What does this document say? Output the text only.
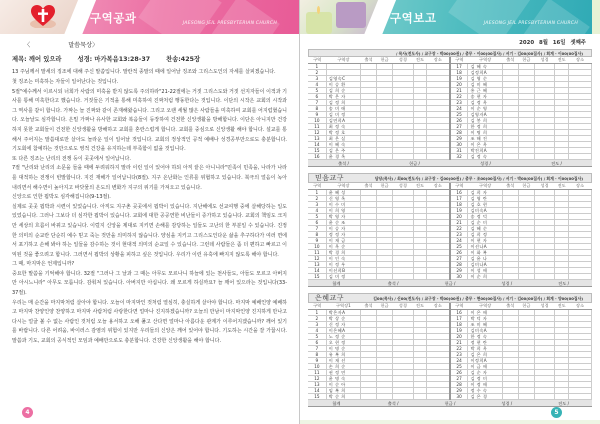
구역공과	JAESONG JEIL PRESBYTERIAN CHURCH
〈	말씀묵상〉
제목: 깨어 있으라	성경: 마가복음13:28-37	찬송:425장

13 주님께서 말세의 징조에 대해 주신 말씀입니다. 말란적 종말의 때에 일어날 징조와 그리스도인의 자세를 살피겠습니다.

첫 징조는 미혹하는 자들이 일어난다는 것입니다.

5절"예수께서 이르시되 너희가 사람의 미혹을 받지 않도록 주의하라"21-22절에는 거짓 그리스도와 거짓 선지자들이 이적과 기사를 통해 미혹한다고 했습니다. 거짓들은 기적을 통해 미혹하여 진짜처럼 행동한다는 것입니다. 이단의 시작은 교회의 시작과 그 역사를 같이 합니다. 가짜는 늘 진짜와 같이 존재해왔습니다. 그리고 오랜 세월 많은 사람들을 미혹하여 교회를 어지럽혔습니다. 오늘날도 심각합니다. 은밀 가짜나 유사한 교회와 복음들이 등장하여 건전한 신앙생활을 방해합니다. 이단은 아니지만 건강하지 못한 교회들이 건전한 신앙생활을 방해하고 교회를 혼란스럽게 합니다. 교회를 중심으로 신앙생활 해야 합니다. 설교를 통해서 주어지는 말씀대로만 살아도 놀라운 일이 일어날 것입니다. 교회의 정상적인 공적 예배나 성경공부만으로도 충분합니다. 기도회에 참예하는 것만으로도 영적 건강을 유지하는데 부족함이 없을 것입니다.

또 다른 징조는 난리의 전쟁 등이 곳곳에서 일어납니다.

7절 "난리와 난리의 소문을 들을 때에 두려워하지 말라 이런 일이 있어야 하되 아직 끝은 아니니라"민족이 민족을, 나라가 나라를 대적하는 전쟁이 빈발합니다. 지진 재해가 일어납니다(8절). 지구 온난화는 인류를 위협하고 있습니다. 북극의 얼음이 녹아내리면서 해수면이 높아지고 바닷물의 온도의 변화가 지구의 위기를 가져오고 있습니다.

신앙으로 인한 핍박도 심각해집니다(9-13절).

실제로 곳곳 핍박과 시련이 있었습니다. 아직도 지구촌 곳곳에서 핍박이 있습니다. 지난해에도 선교여행 중에 살해당하는 일도 있었습니다. 그러나 그보다 더 심각한 핍박이 있습니다. 교회에 대한 공공연한 비난들이 증가하고 있습니다. 교회의 책임도 크지만 세상의 흐름이 바뀌고 있습니다. 이럴지 신앙을 제대로 지키면 손해를 감당하는 일들도 고난의 한 부분일 수 있습니다. 진정한 의미의 순교란 단순히 예수 믿고 죽는 것만을 의미하지 않습니다. 양심을 지키고 그리스도인다운 삶을 추구하다가 여러 면에서 포기하고 손해 봐야 하는 일들을 감수하는 것이 현대적 의미의 순교일 수 있습니다. 그런데 사람들은 좀 더 편하고 빠르고 이익된 것을 좋으려고 합니다. 그러면서 핍박의 상황을 피하고 싶은 것입니다. 우리가 이런 유혹에 빠지지 않도록 해야 합니다.

그 때, 마지막은 언제입니까?

중요한 말씀을 기억해야 합니다. 32절 "그러나 그 날과 그 때는 아무도 모르나니 하늘에 있는 천사들도, 아들도 모르고 아버지만 아시느니라" 아무도 모릅니다. 감춰져 있습니다. 아버지만 아십니다. 왜 모르게 하실까요? 늘 깨어 있으라는 것입니다(33-37절).

우리는 매 순간을 마지막처럼 살아야 합니다. 오늘이 마지막인 것처럼 열심히, 충실하게 살아야 합니다. 마지막 예배인양 예배하고 마지막 찬양인양 찬양하고 마지막 사람처럼 사랑한다면 얼마나 진지하겠습니까? 오늘의 만남이 마지막인양 진지하게 만나고 다시는 얼굴 볼 수 없는 사람인 것처럼 오늘 용서하고 오해 풀고 산다면 얼마나 아름다운 관계가 이루어지겠습니까? 깨어 있기를 바랍니다. 다른 어려움, 바이러스 감염의 위험이 있지만 우리들의 신앙은 깨어 있어야 합니다. 기도하는 시간을 잘 가꿉시다. 말씀과 기도, 교회의 공식적인 모임과 예배만으로도 충분합니다. 건강한 신앙생활을 해야 합니다.

4
구역보고	JAESONG JEIL PRESBYTERIAN CHURCH
2020 8월 16일 셋째주
/ 목사(전도사) / 교구장 - 박00(00권) / 총무 - 이00(00집사) / 서기 - 김00(00집사) / 회계 - 이00(00집사)
구역	구역장	출석	헌금	성경	전도	장소	구역	구역장	출석	헌금	성경	전도	장소
1							17	김 혜 숙					
2							18	김정희A					
3	김영숙C						19	김 영 순					
4	이 승 환						20	김 미 혜					
5	김 희 순						21	홍 근 혜					
6	박 은 자						22	송 현 자					
7	김 정 희						23	김 정 옥					
8	송 미 애						24	이 순 영					
9	김 미 정						25	김영자A					
10	김연희A						26	김 봉 희					
11	최 정 숙						27	한 정 희					
12	박 정 호						28	이 명 희					
13	최 은 실						29	조 해 진					
14	이 혜 숙						30	이 은 옥					
15	김 은 주						31	박진희A					
16	윤 경 옥						32	김 정 숙					
출석 /	헌금 /	성경 /	전도 /
믿음교구	담당(목사) / 최00(전도사) / 교구장 - 김00(00권) / 총무 - 조00(00집사) / 서기 - 박00(00집사) / 회계 - 이00(00집사)
구역	구역장	출석	헌금	성경	전도	장소	구역	구역장	출석	헌금	성경	전도	장소
1	윤 혜 성						16	김 희 자					
2	신 영 옥						17	김 영 란					
3	이 수 미						18	김 호 현					
4	이 희 영						19	김미숙A					
5	박 영 자						20	송 정 덕					
6	윤 순 조						21	김 순 미					
7	이 승 자						22	김 혜 순					
8	정 정 자						23	김 희 정					
9	이 재 금						24	이 현 자					
10	이 옥 순						25	이선나A					
11	박 경 희						26	이 화 복					
12	이 인 숙						27	김 윤 나					
13	이 정 우						28	김미나A					
14	이선희B						29	이 성 애					
15	김 미 정						30	이 순 희					
합계	출석 /	헌금 /	성경 /	전도 /
은혜교구	김00(목사) / 신00(전도사) / 교구장 - 박00(00권) / 총무 - 현00(00집사) / 서기 - 김00(00집사) / 회계 - 양00(00집사)
구역	구역장1	출석	헌금	성경	전도	장소	구역	구역장	출석	헌금	성경	전도	장소
1	박은자A						16	이 은 애					
2	박 상 순						17	박 덕 자					
3	신 정 자						18	조 미 혜					
4	이은혜A						19	김미숙A					
5	노 정 순						20	한 정 숙					
6	오 현 정						21	정 현 란					
7	이 명 순						22	박 희 옥					
8	유 복 희						23	김 은 희					
9	이 재 선						24	이정희A					
10	손 희 순						25	이 금 애					
11	권 정 연						26	김 순 자					
12	윤 명 숙						27	김 정 미					
13	이 순 아						28	이 정 애					
14	임 복 희						29	정 수 숙					
15	박 순 희						30	김 은 경					
합계	출석 /	헌금 /	성경 /	전도 /
5
